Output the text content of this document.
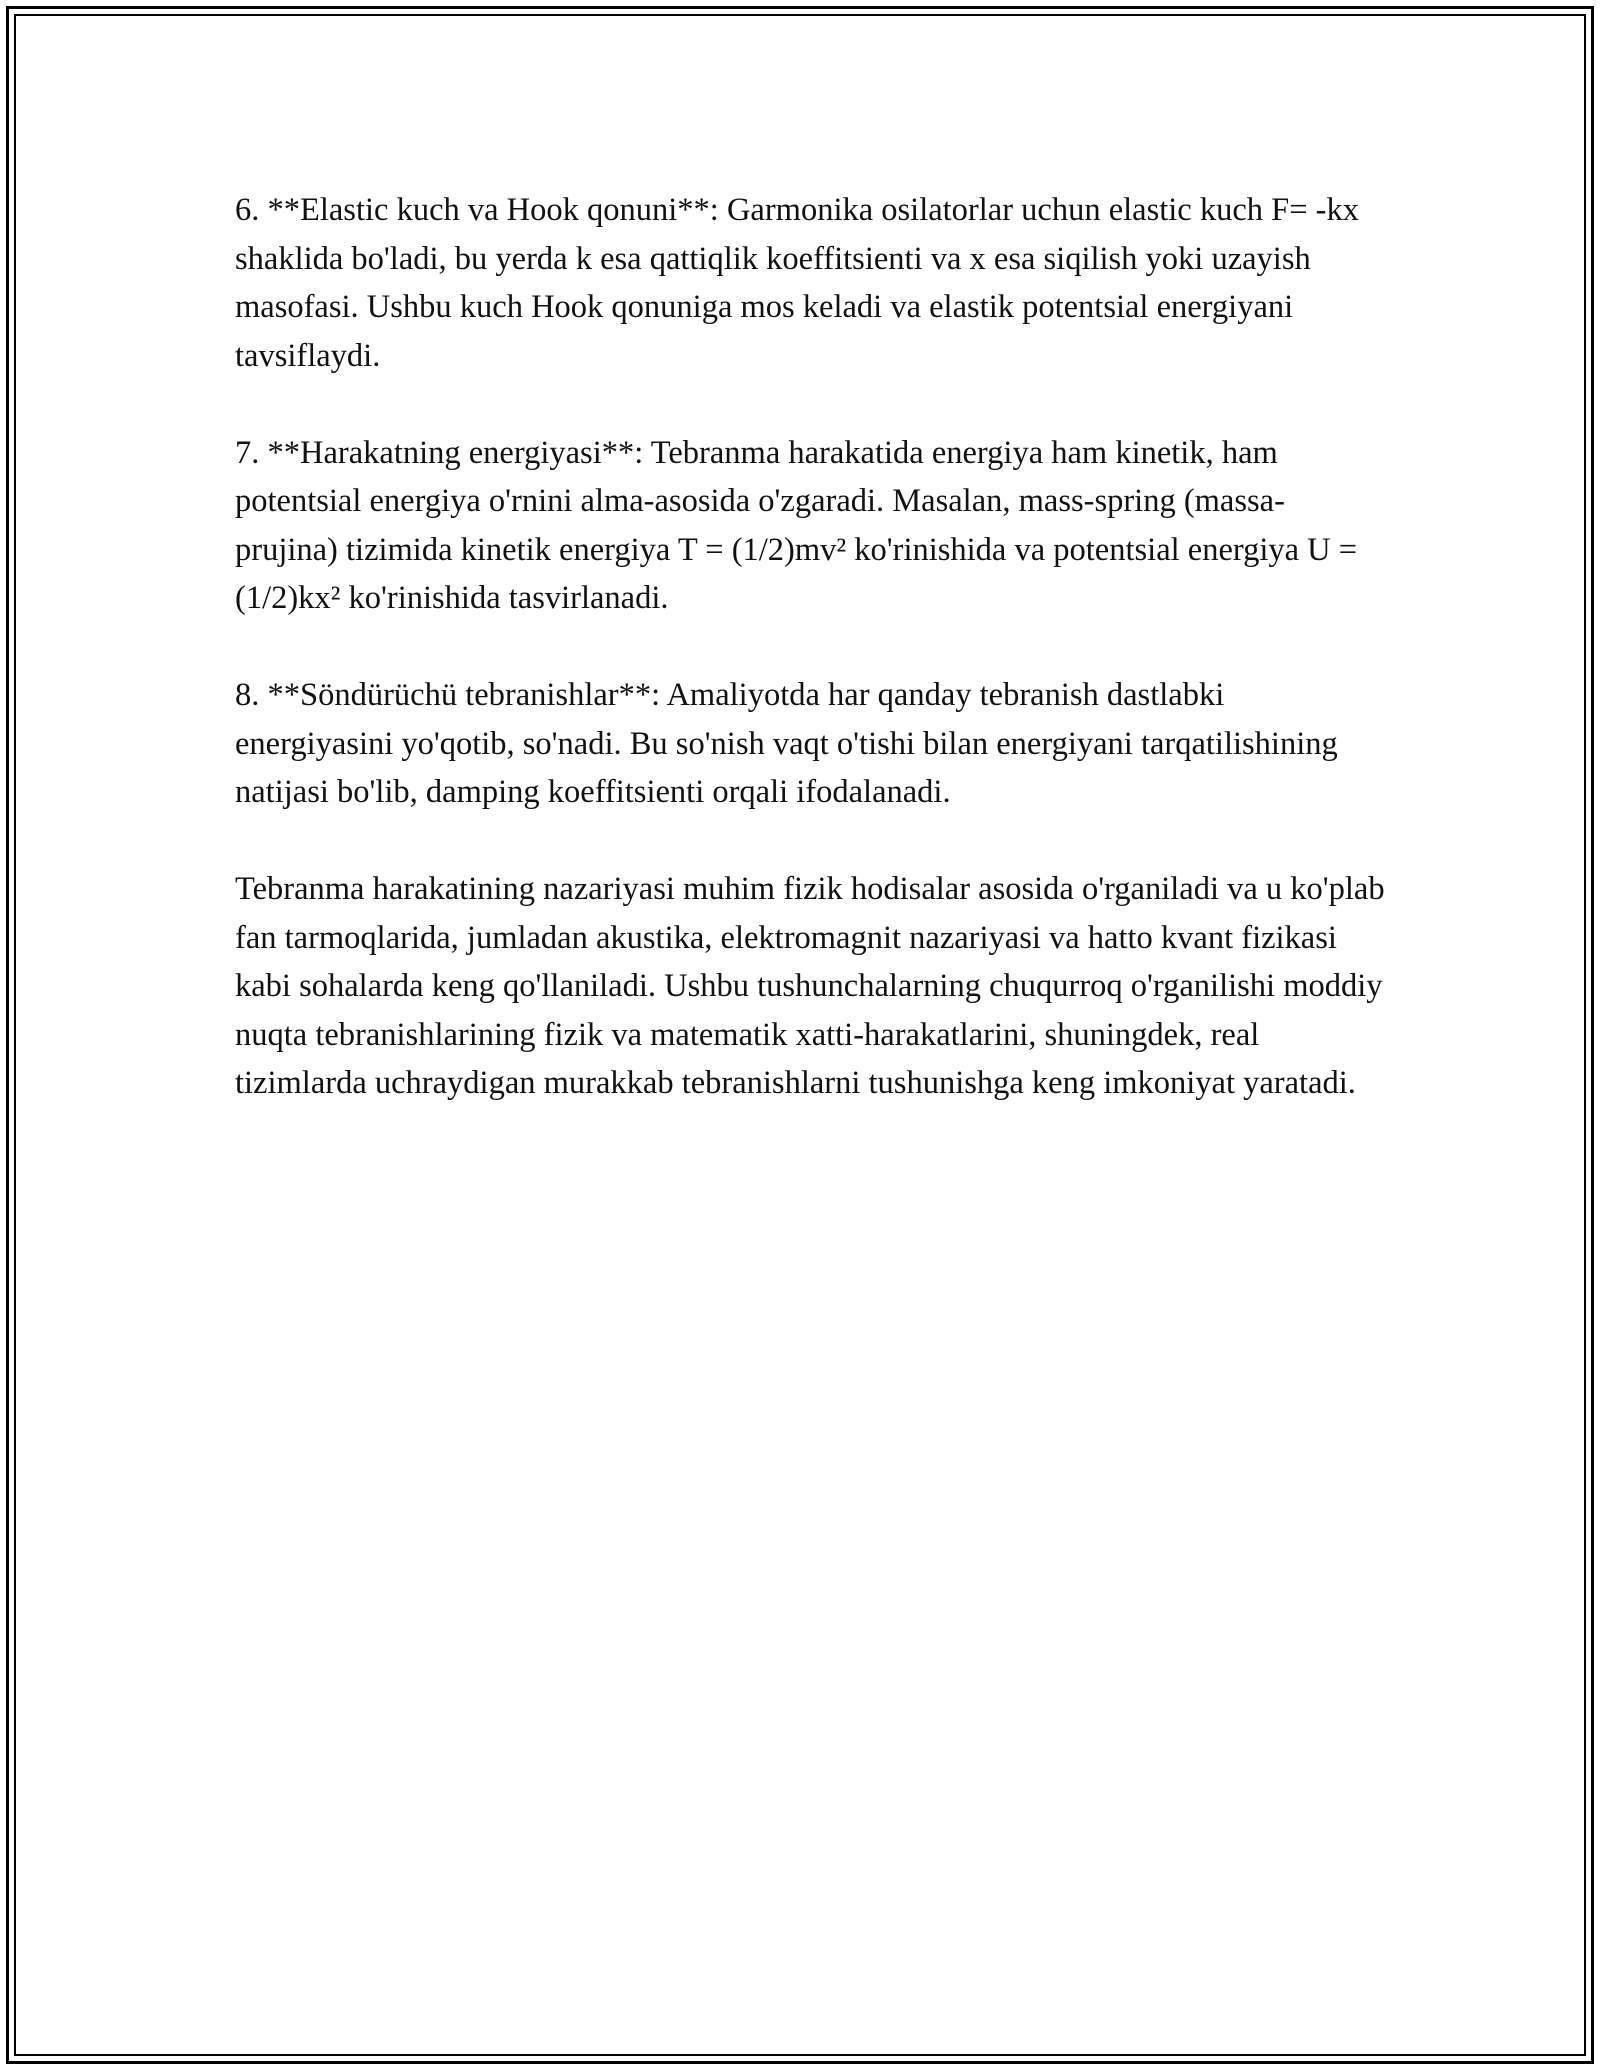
6. **Elastic kuch va Hook qonuni**: Garmonika osilatorlar uchun elastic kuch F= -kx shaklida bo'ladi, bu yerda k esa qattiqlik koeffitsienti va x esa siqilish yoki uzayish masofasi. Ushbu kuch Hook qonuniga mos keladi va elastik potentsial energiyani tavsiflaydi.

7. **Harakatning energiyasi**: Tebranma harakatida energiya ham kinetik, ham potentsial energiya o'rnini alma-asosida o'zgaradi. Masalan, mass-spring (massa-prujina) tizimida kinetik energiya T = (1/2)mv² ko'rinishida va potentsial energiya U = (1/2)kx² ko'rinishida tasvirlanadi.

8. **Söndürüchü tebranishlar**: Amaliyotda har qanday tebranish dastlabki energiyasini yo'qotib, so'nadi. Bu so'nish vaqt o'tishi bilan energiyani tarqatilishining natijasi bo'lib, damping koeffitsienti orqali ifodalanadi.

Tebranma harakatining nazariyasi muhim fizik hodisalar asosida o'rganiladi va u ko'plab fan tarmoqlarida, jumladan akustika, elektromagnit nazariyasi va hatto kvant fizikasi kabi sohalarda keng qo'llaniladi. Ushbu tushunchalarning chuqurroq o'rganilishi moddiy nuqta tebranishlarining fizik va matematik xatti-harakatlarini, shuningdek, real tizimlarda uchraydigan murakkab tebranishlarni tushunishga keng imkoniyat yaratadi.
